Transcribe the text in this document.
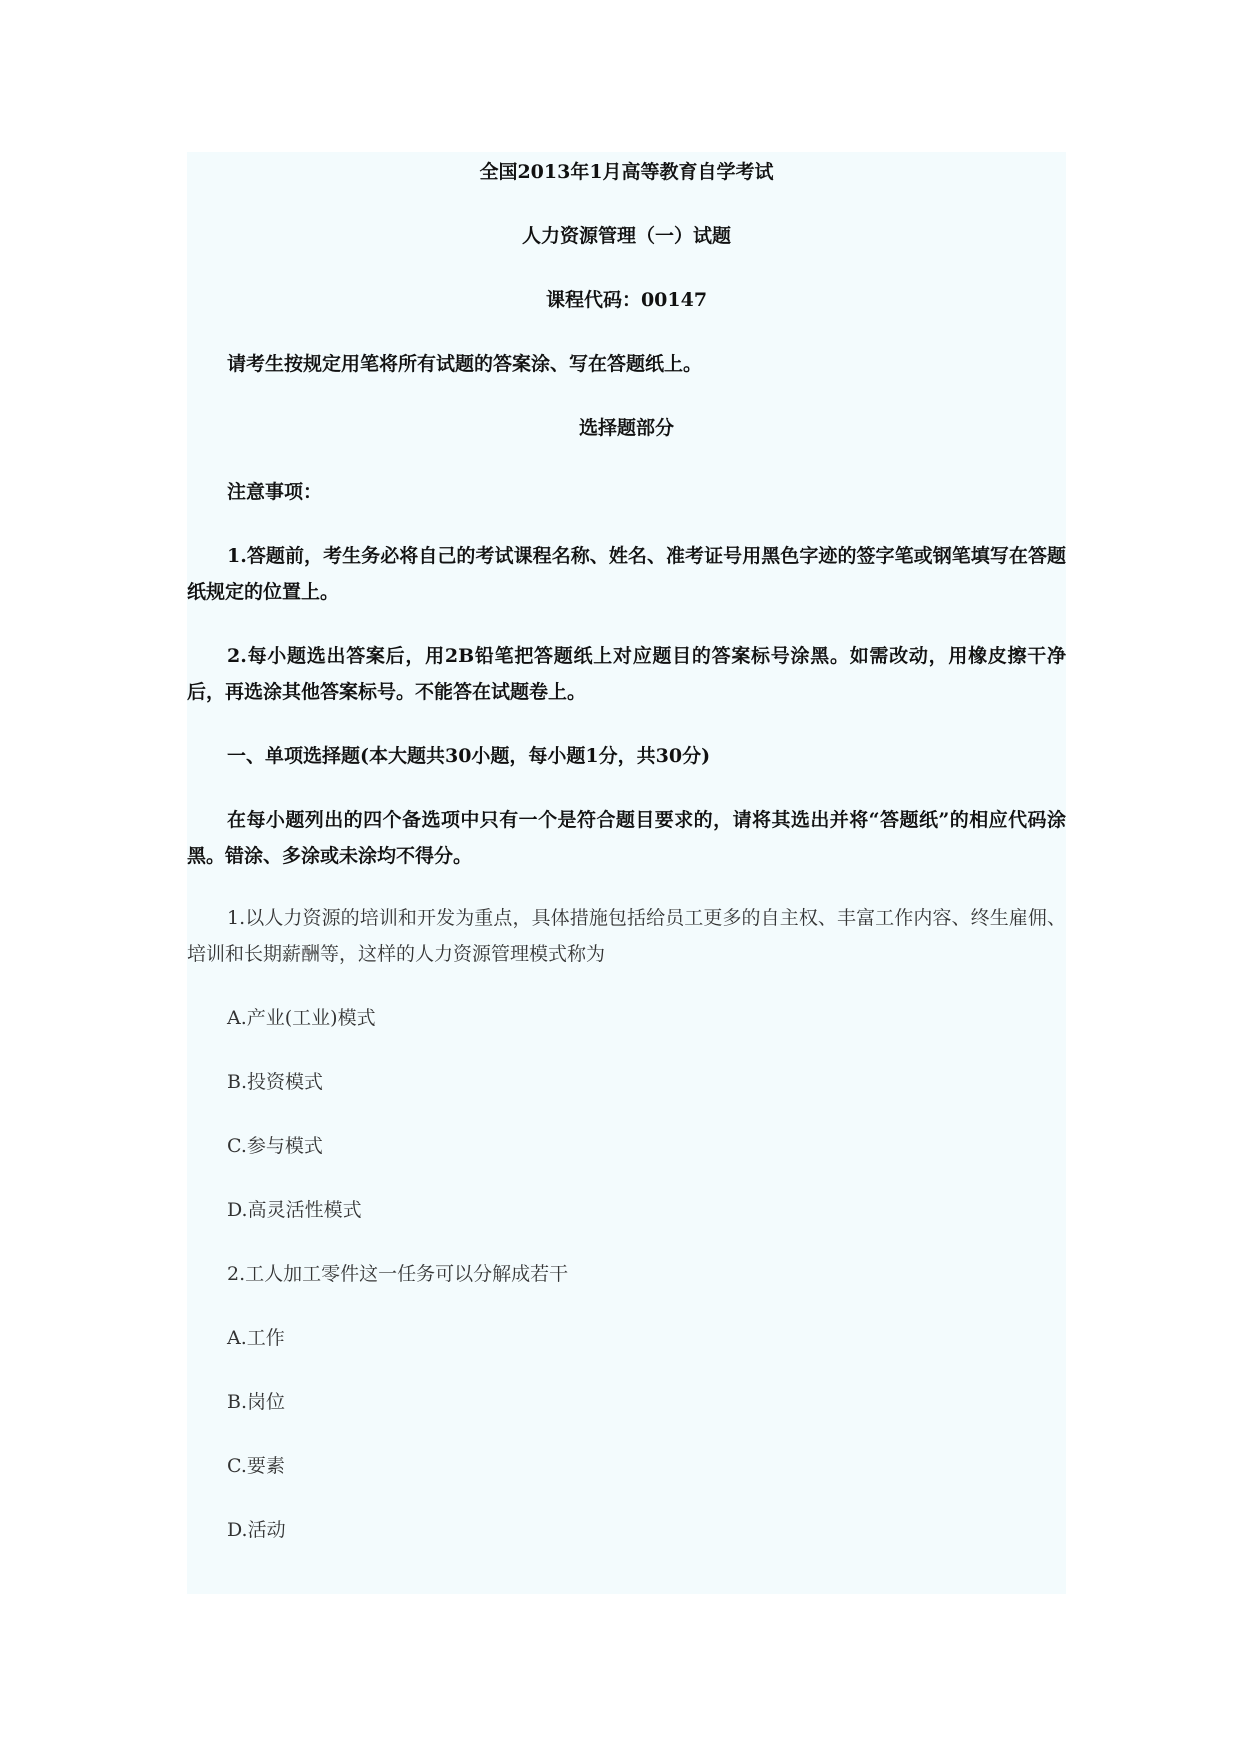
全国2013年1月高等教育自学考试

人力资源管理（一）试题

课程代码：00147

请考生按规定用笔将所有试题的答案涂、写在答题纸上。

选择题部分

注意事项：

1.答题前，考生务必将自己的考试课程名称、姓名、准考证号用黑色字迹的签字笔或钢笔填写在答题纸规定的位置上。

2.每小题选出答案后，用2B铅笔把答题纸上对应题目的答案标号涂黑。如需改动，用橡皮擦干净后，再选涂其他答案标号。不能答在试题卷上。

一、单项选择题(本大题共30小题，每小题1分，共30分)

在每小题列出的四个备选项中只有一个是符合题目要求的，请将其选出并将“答题纸”的相应代码涂黑。错涂、多涂或未涂均不得分。

1.以人力资源的培训和开发为重点，具体措施包括给员工更多的自主权、丰富工作内容、终生雇佣、培训和长期薪酬等，这样的人力资源管理模式称为

A.产业(工业)模式

B.投资模式

C.参与模式

D.高灵活性模式

2.工人加工零件这一任务可以分解成若干

A.工作

B.岗位

C.要素

D.活动
